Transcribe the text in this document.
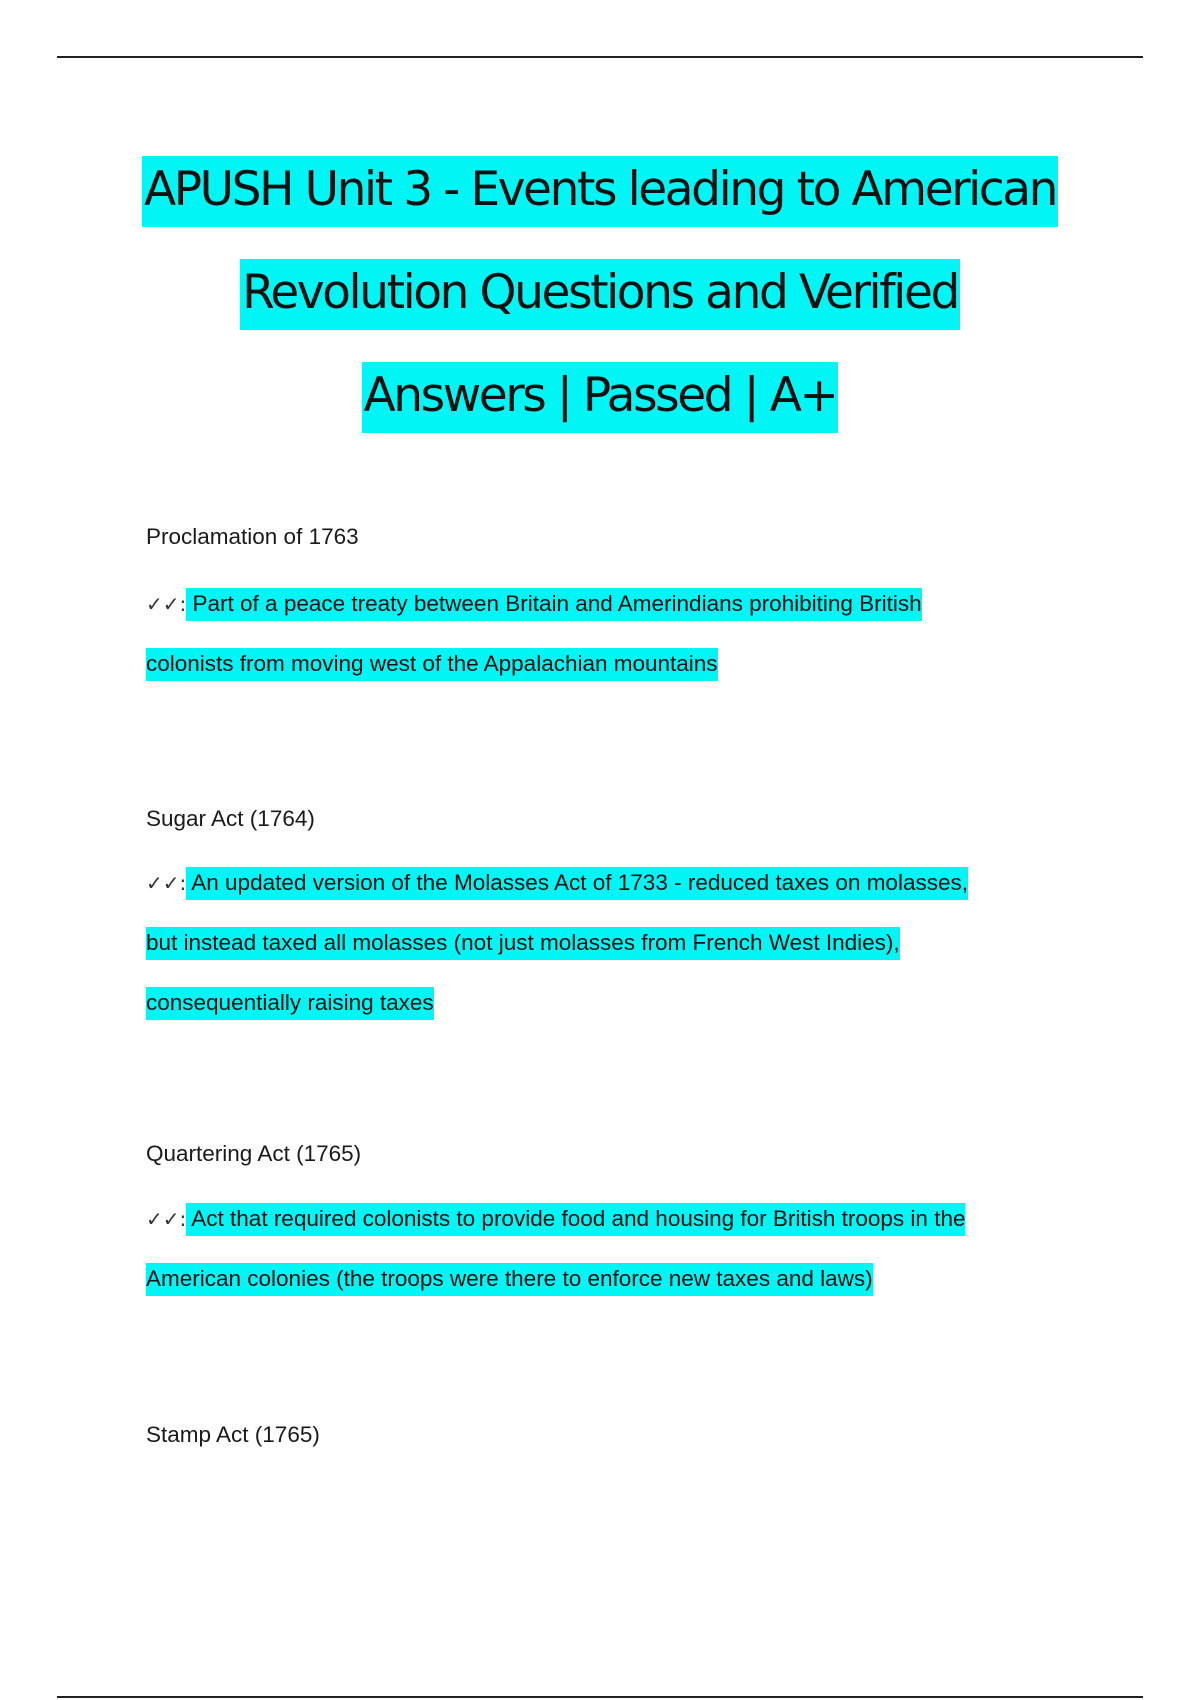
APUSH Unit 3 - Events leading to American
Revolution Questions and Verified
Answers | Passed | A+

Proclamation of 1763

✓✓: Part of a peace treaty between Britain and Amerindians prohibiting British
colonists from moving west of the Appalachian mountains

Sugar Act (1764)

✓✓: An updated version of the Molasses Act of 1733 - reduced taxes on molasses,
but instead taxed all molasses (not just molasses from French West Indies),
consequentially raising taxes

Quartering Act (1765)

✓✓: Act that required colonists to provide food and housing for British troops in the
American colonies (the troops were there to enforce new taxes and laws)

Stamp Act (1765)
